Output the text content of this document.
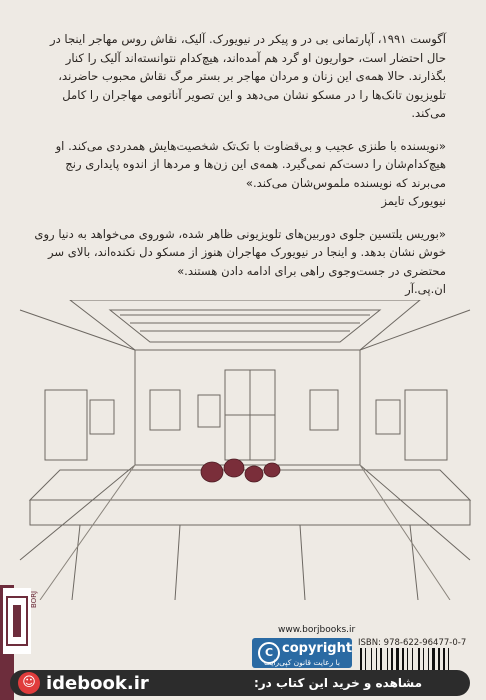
آگوست ۱۹۹۱، آپارتمانی بی در و پیکر در نیویورک. آلیک، نقاش روس مهاجر اینجا در حال احتضار است، حواریون او گرد هم آمده‌اند، هیچ‌کدام نتوانسته‌اند آلیک را کنار بگذارند. حالا همه‌ی این زنان و مردان مهاجر بر بستر مرگ نقاش محبوب حاضرند، تلویزیون تانک‌ها را در مسکو نشان می‌دهد و این تصویر آناتومی مهاجران را کامل می‌کند.

«نویسنده با طنزی عجیب و بی‌قضاوت با تک‌تک شخصیت‌هایش همدردی می‌کند. او هیچ‌کدام‌شان را دست‌کم نمی‌گیرد. همه‌ی این زن‌ها و مردها از اندوه پایداری رنج می‌برند که نویسنده ملموس‌شان می‌کند.»

نیویورک تایمز

«بوریس یلتسین جلوی دوربین‌های تلویزیونی ظاهر شده، شوروی می‌خواهد به دنیا روی خوش نشان بدهد. و اینجا در نیویورک مهاجران هنوز از مسکو دل نکنده‌اند، بالای سر محتضری در جست‌وجوی راهی برای ادامه دادن هستند.»

ان.پی.آر

BORJ
www.borjbooks.ir
C copyright
با رعایت قانون کپی‌رایت
ISBN: 978-622-96477-0-7
☺ idebook.ir	مشاهده و خرید این کتاب در:
